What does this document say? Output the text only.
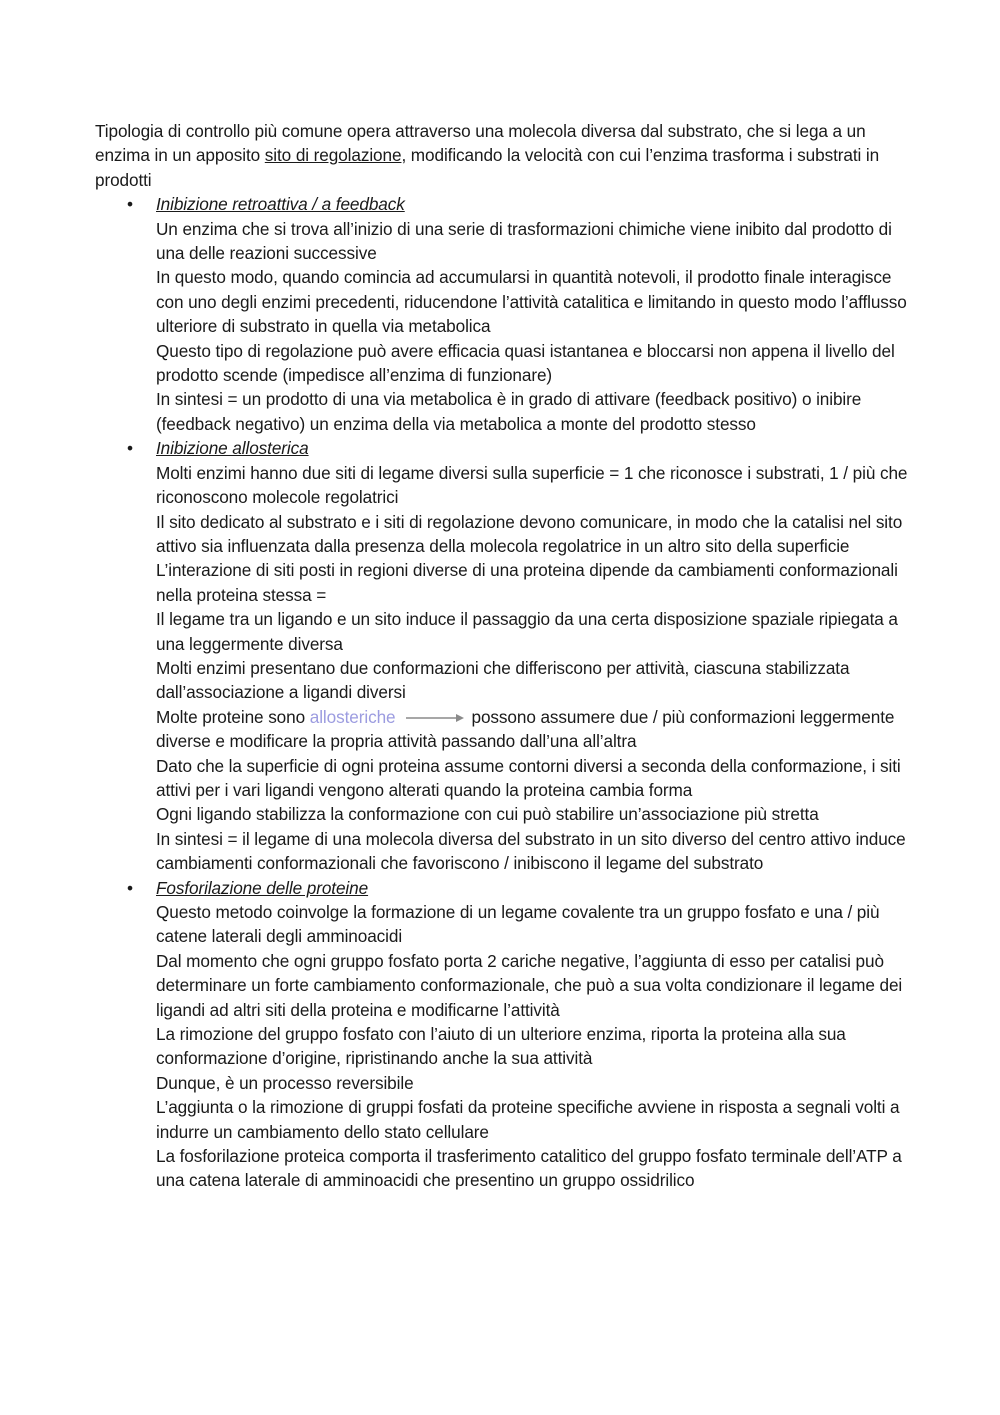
Tipologia di controllo più comune opera attraverso una molecola diversa dal substrato, che si lega a un enzima in un apposito sito di regolazione, modificando la velocità con cui l’enzima trasforma i substrati in prodotti

• Inibizione retroattiva / a feedback
Un enzima che si trova all’inizio di una serie di trasformazioni chimiche viene inibito dal prodotto di una delle reazioni successive
In questo modo, quando comincia ad accumularsi in quantità notevoli, il prodotto finale interagisce con uno degli enzimi precedenti, riducendone l’attività catalitica e limitando in questo modo l’afflusso ulteriore di substrato in quella via metabolica
Questo tipo di regolazione può avere efficacia quasi istantanea e bloccarsi non appena il livello del prodotto scende (impedisce all’enzima di funzionare)
In sintesi = un prodotto di una via metabolica è in grado di attivare (feedback positivo) o inibire (feedback negativo) un enzima della via metabolica a monte del prodotto stesso
• Inibizione allosterica
Molti enzimi hanno due siti di legame diversi sulla superficie = 1 che riconosce i substrati, 1 / più che riconoscono molecole regolatrici
Il sito dedicato al substrato e i siti di regolazione devono comunicare, in modo che la catalisi nel sito attivo sia influenzata dalla presenza della molecola regolatrice in un altro sito della superficie
L’interazione di siti posti in regioni diverse di una proteina dipende da cambiamenti conformazionali nella proteina stessa =
Il legame tra un ligando e un sito induce il passaggio da una certa disposizione spaziale ripiegata a una leggermente diversa
Molti enzimi presentano due conformazioni che differiscono per attività, ciascuna stabilizzata dall’associazione a ligandi diversi
Molte proteine sono allosteriche	possono assumere due / più conformazioni leggermente diverse e modificare la propria attività passando dall’una all’altra
Dato che la superficie di ogni proteina assume contorni diversi a seconda della conformazione, i siti attivi per i vari ligandi vengono alterati quando la proteina cambia forma
Ogni ligando stabilizza la conformazione con cui può stabilire un’associazione più stretta
In sintesi = il legame di una molecola diversa del substrato in un sito diverso del centro attivo induce cambiamenti conformazionali che favoriscono / inibiscono il legame del substrato
• Fosforilazione delle proteine
Questo metodo coinvolge la formazione di un legame covalente tra un gruppo fosfato e una / più catene laterali degli amminoacidi
Dal momento che ogni gruppo fosfato porta 2 cariche negative, l’aggiunta di esso per catalisi può determinare un forte cambiamento conformazionale, che può a sua volta condizionare il legame dei ligandi ad altri siti della proteina e modificarne l’attività
La rimozione del gruppo fosfato con l’aiuto di un ulteriore enzima, riporta la proteina alla sua conformazione d’origine, ripristinando anche la sua attività
Dunque, è un processo reversibile
L’aggiunta o la rimozione di gruppi fosfati da proteine specifiche avviene in risposta a segnali volti a indurre un cambiamento dello stato cellulare
La fosforilazione proteica comporta il trasferimento catalitico del gruppo fosfato terminale dell’ATP a una catena laterale di amminoacidi che presentino un gruppo ossidrilico
